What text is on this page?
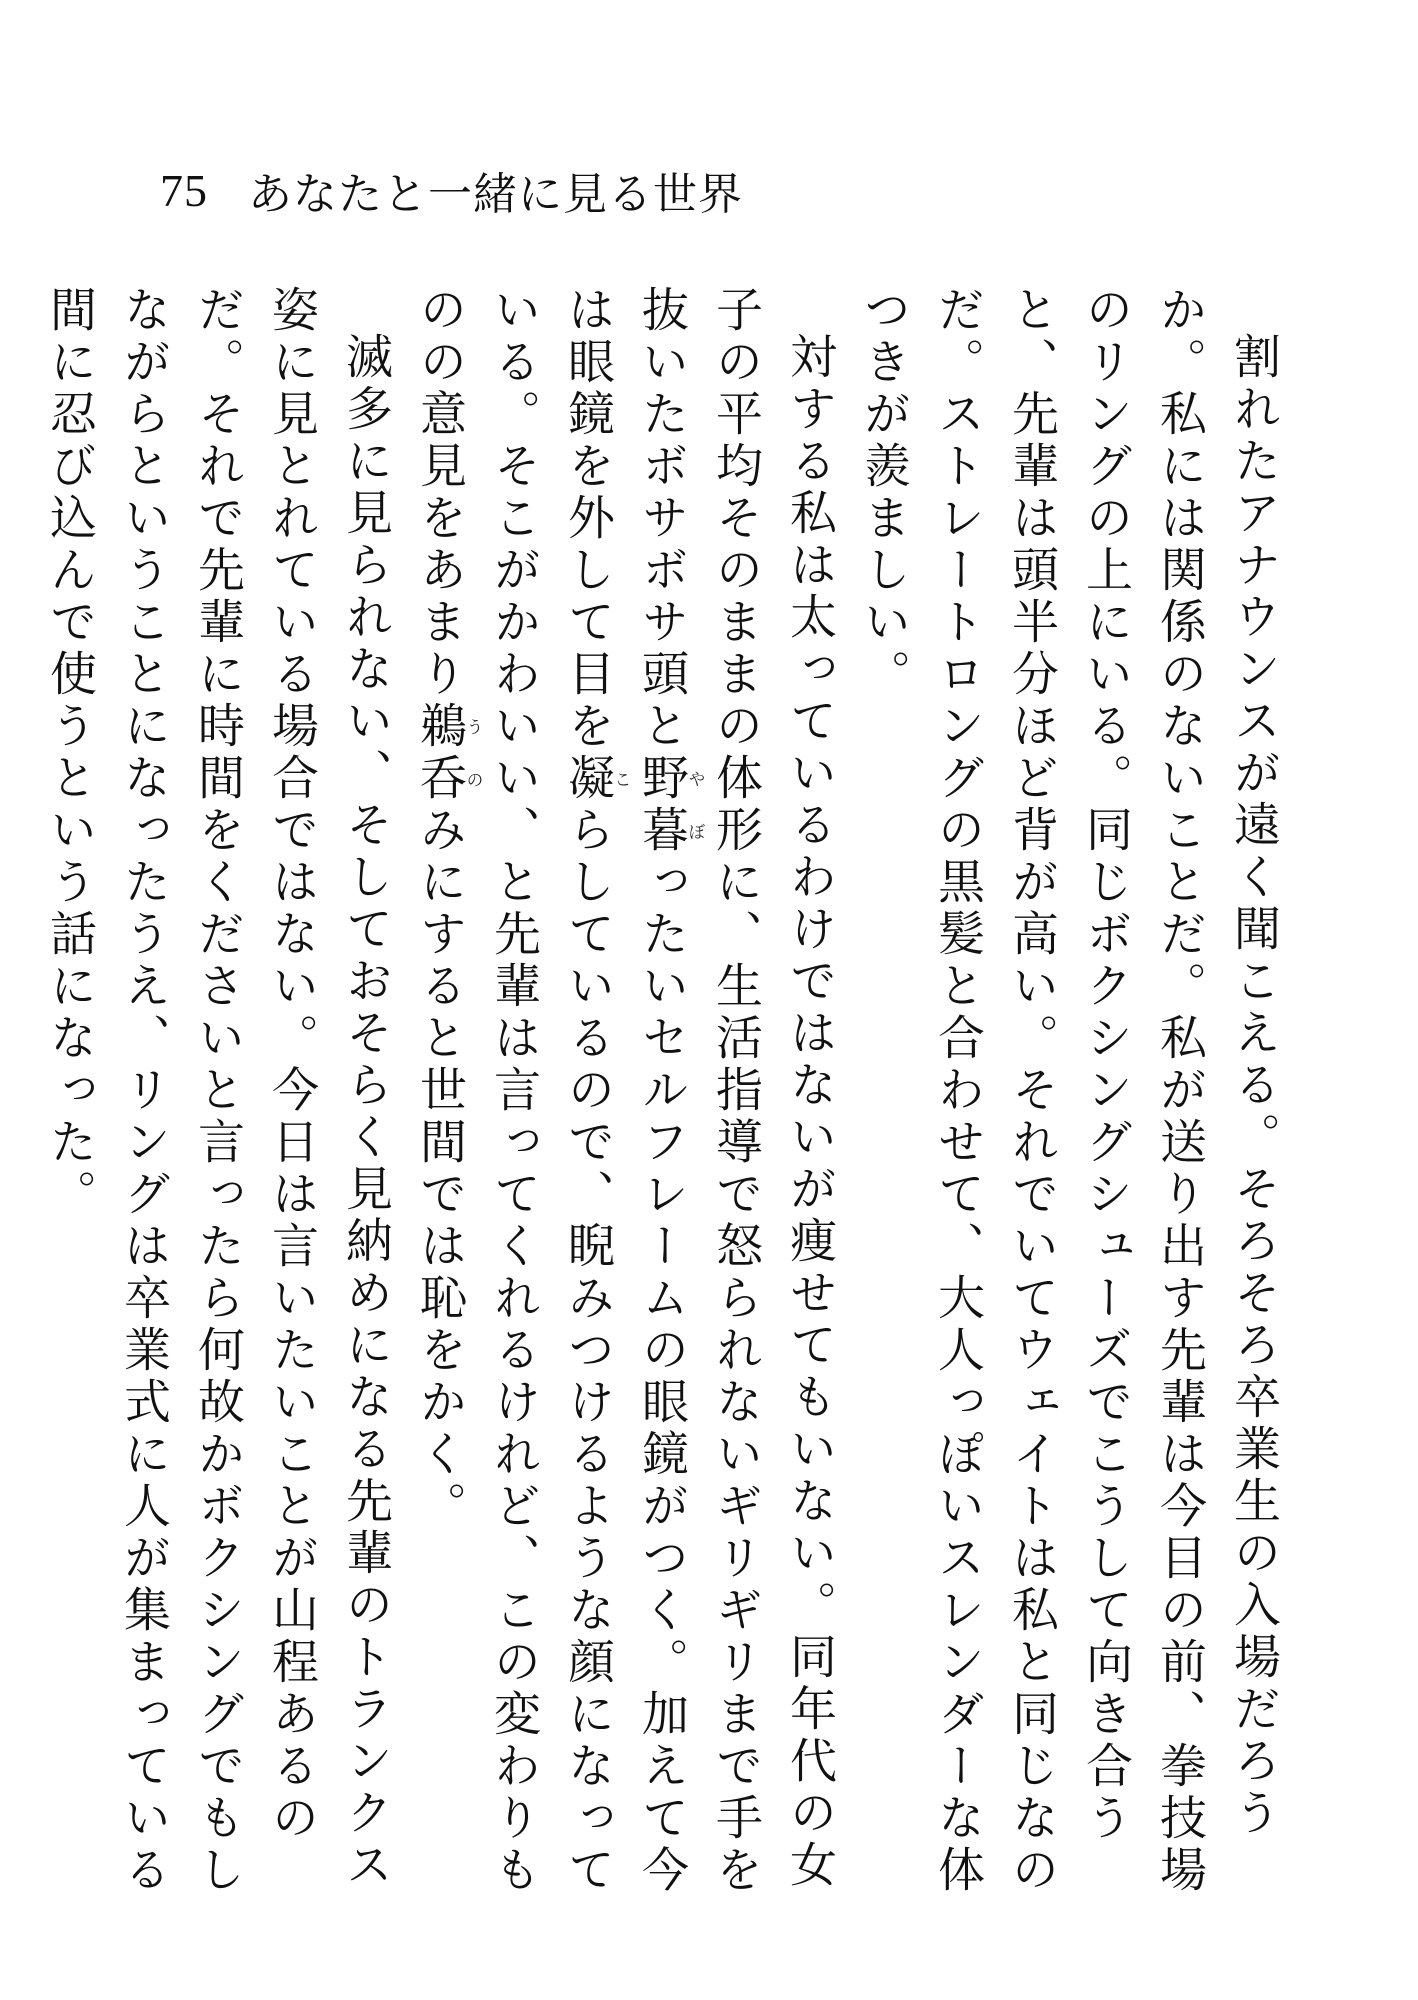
75 あなたと一緒に見る世界

割れたアナウンスが遠く聞こえる。そろそろ卒業生の入場だろうか。私には関係のないことだ。私が送り出す先輩は今目の前、拳技場のリングの上にいる。同じボクシングシューズでこうして向き合うと、先輩は頭半分ほど背が高い。それでいてウェイトは私と同じなのだ。ストレートロングの黒髪と合わせて、大人っぽいスレンダーな体つきが羨ましい。

対する私は太っているわけではないが痩せてもいない。同年代の女子の平均そのままの体形に、生活指導で怒られないギリギリまで手を抜いたボサボサ頭と野暮やぼったいセルフレームの眼鏡がつく。加えて今は眼鏡を外して目を凝こらしているので、睨みつけるような顔になっている。そこがかわいい、と先輩は言ってくれるけれど、この変わりものの意見をあまり鵜呑うのみにすると世間では恥をかく。

滅多に見られない、そしておそらく見納めになる先輩のトランクス姿に見とれている場合ではない。今日は言いたいことが山程あるのだ。それで先輩に時間をくださいと言ったら何故かボクシングでもしながらということになったうえ、リングは卒業式に人が集まっている間に忍び込んで使うという話になった。
